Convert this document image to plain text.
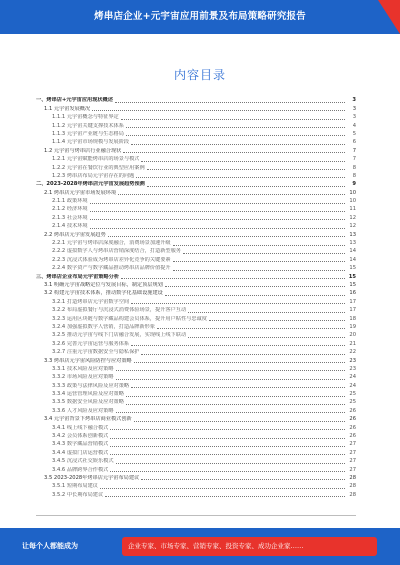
烤串店企业+元宇宙应用前景及布局策略研究报告
内容目录
一、烤串店+元宇宙应用现状概述	3
1.1 元宇宙发展概况	3
1.1.1 元宇宙概念与特征界定	3
1.1.2 元宇宙关键支撑技术体系	4
1.1.3 元宇宙产业链与生态格局	5
1.1.4 元宇宙市场规模与发展阶段	6
1.2 元宇宙与烤串店行业融合现状	7
1.2.1 元宇宙赋能烤串店的场景与模式	7
1.2.2 元宇宙在餐饮行业的典型应用案例	8
1.2.3 烤串店布局元宇宙存在的问题	8
二、2023-2028年烤串店元宇宙发展趋势预测	9
2.1 烤串店元宇宙市场发展环境	10
2.1.1 政策环境	10
2.1.2 经济环境	11
2.1.3 社会环境	12
2.1.4 技术环境	12
2.2 烤串店元宇宙发展趋势	13
2.2.1 元宇宙与烤串店深度融合，消费场景加速升级	13
2.2.2 虚拟数字人与烤串店营销深度结合，打造新型服务	14
2.2.3 沉浸式体验成为烤串店差异化竞争的关键要素	14
2.2.4 数字资产与数字藏品推动烤串店品牌价值提升	15
三、烤串店企业布局元宇宙策略分析	15
3.1 明确元宇宙战略定位与发展目标，制定顶层规划	15
3.2 构建元宇宙技术体系，推动数字化基础设施建设	16
3.2.1 打造烤串店元宇宙数字空间	17
3.2.2 布局虚拟餐厅与沉浸式消费体验场景，提升客户互动	17
3.2.3 运用区块链与数字藏品构建会员体系，提升用户粘性与忠诚度	18
3.2.4 加强虚拟数字人营销，打造品牌新形象	19
3.2.5 推动元宇宙与线下门店融合发展，实现线上线下联动	20
3.2.6 完善元宇宙运营与服务体系	21
3.2.7 注重元宇宙数据安全与隐私保护	22
3.3 烤串店元宇宙风险防控与应对策略	23
3.3.1 技术风险及应对策略	23
3.3.2 市场风险及应对策略	24
3.3.3 政策与法律风险及应对策略	24
3.3.4 运营管理风险及应对策略	25
3.3.5 数据安全风险及应对策略	25
3.3.6 人才风险及应对策略	26
3.4 元宇宙背景下烤串店商业模式创新	26
3.4.1 线上线下融合模式	26
3.4.2 会员体系创新模式	26
3.4.3 数字藏品营销模式	27
3.4.4 虚拟门店运营模式	27
3.4.5 沉浸式社交娱乐模式	27
3.4.6 品牌跨界合作模式	27
3.5 2023-2028年烤串店元宇宙布局建议	28
3.5.1 短期布局建议	28
3.5.2 中长期布局建议	28
让每个人都能成为	企业专家、市场专家、营销专家、投资专家、成功企业家……
